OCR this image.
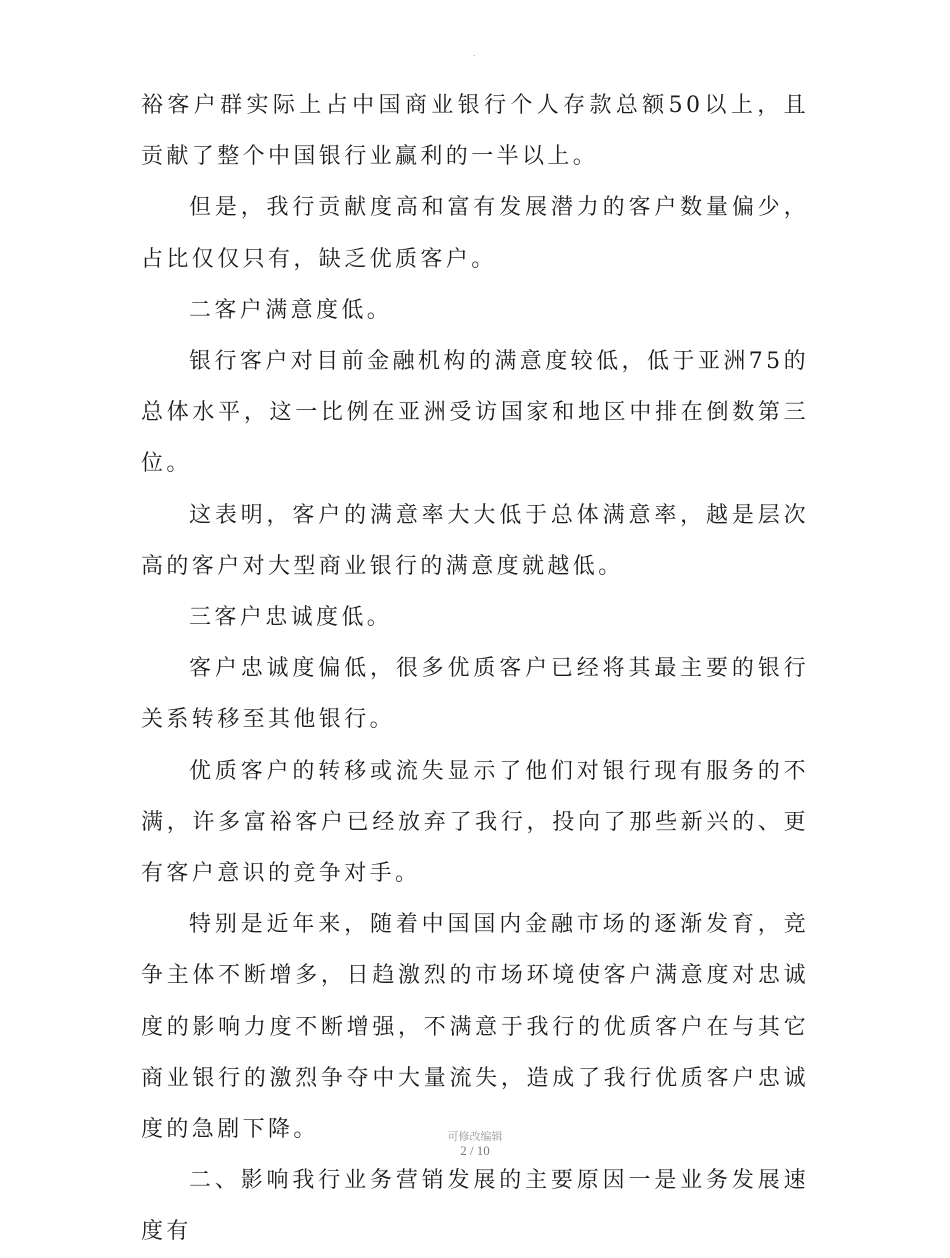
.

裕客户群实际上占中国商业银行个人存款总额50以上，且贡献了整个中国银行业赢利的一半以上。

但是，我行贡献度高和富有发展潜力的客户数量偏少，占比仅仅只有，缺乏优质客户。

二客户满意度低。

银行客户对目前金融机构的满意度较低，低于亚洲75的总体水平，这一比例在亚洲受访国家和地区中排在倒数第三位。

这表明，客户的满意率大大低于总体满意率，越是层次高的客户对大型商业银行的满意度就越低。

三客户忠诚度低。

客户忠诚度偏低，很多优质客户已经将其最主要的银行关系转移至其他银行。

优质客户的转移或流失显示了他们对银行现有服务的不满，许多富裕客户已经放弃了我行，投向了那些新兴的、更有客户意识的竞争对手。

特别是近年来，随着中国国内金融市场的逐渐发育，竞争主体不断增多，日趋激烈的市场环境使客户满意度对忠诚度的影响力度不断增强，不满意于我行的优质客户在与其它商业银行的激烈争夺中大量流失，造成了我行优质客户忠诚度的急剧下降。

二、影响我行业务营销发展的主要原因一是业务发展速度有

可修改编辑
2 / 10
